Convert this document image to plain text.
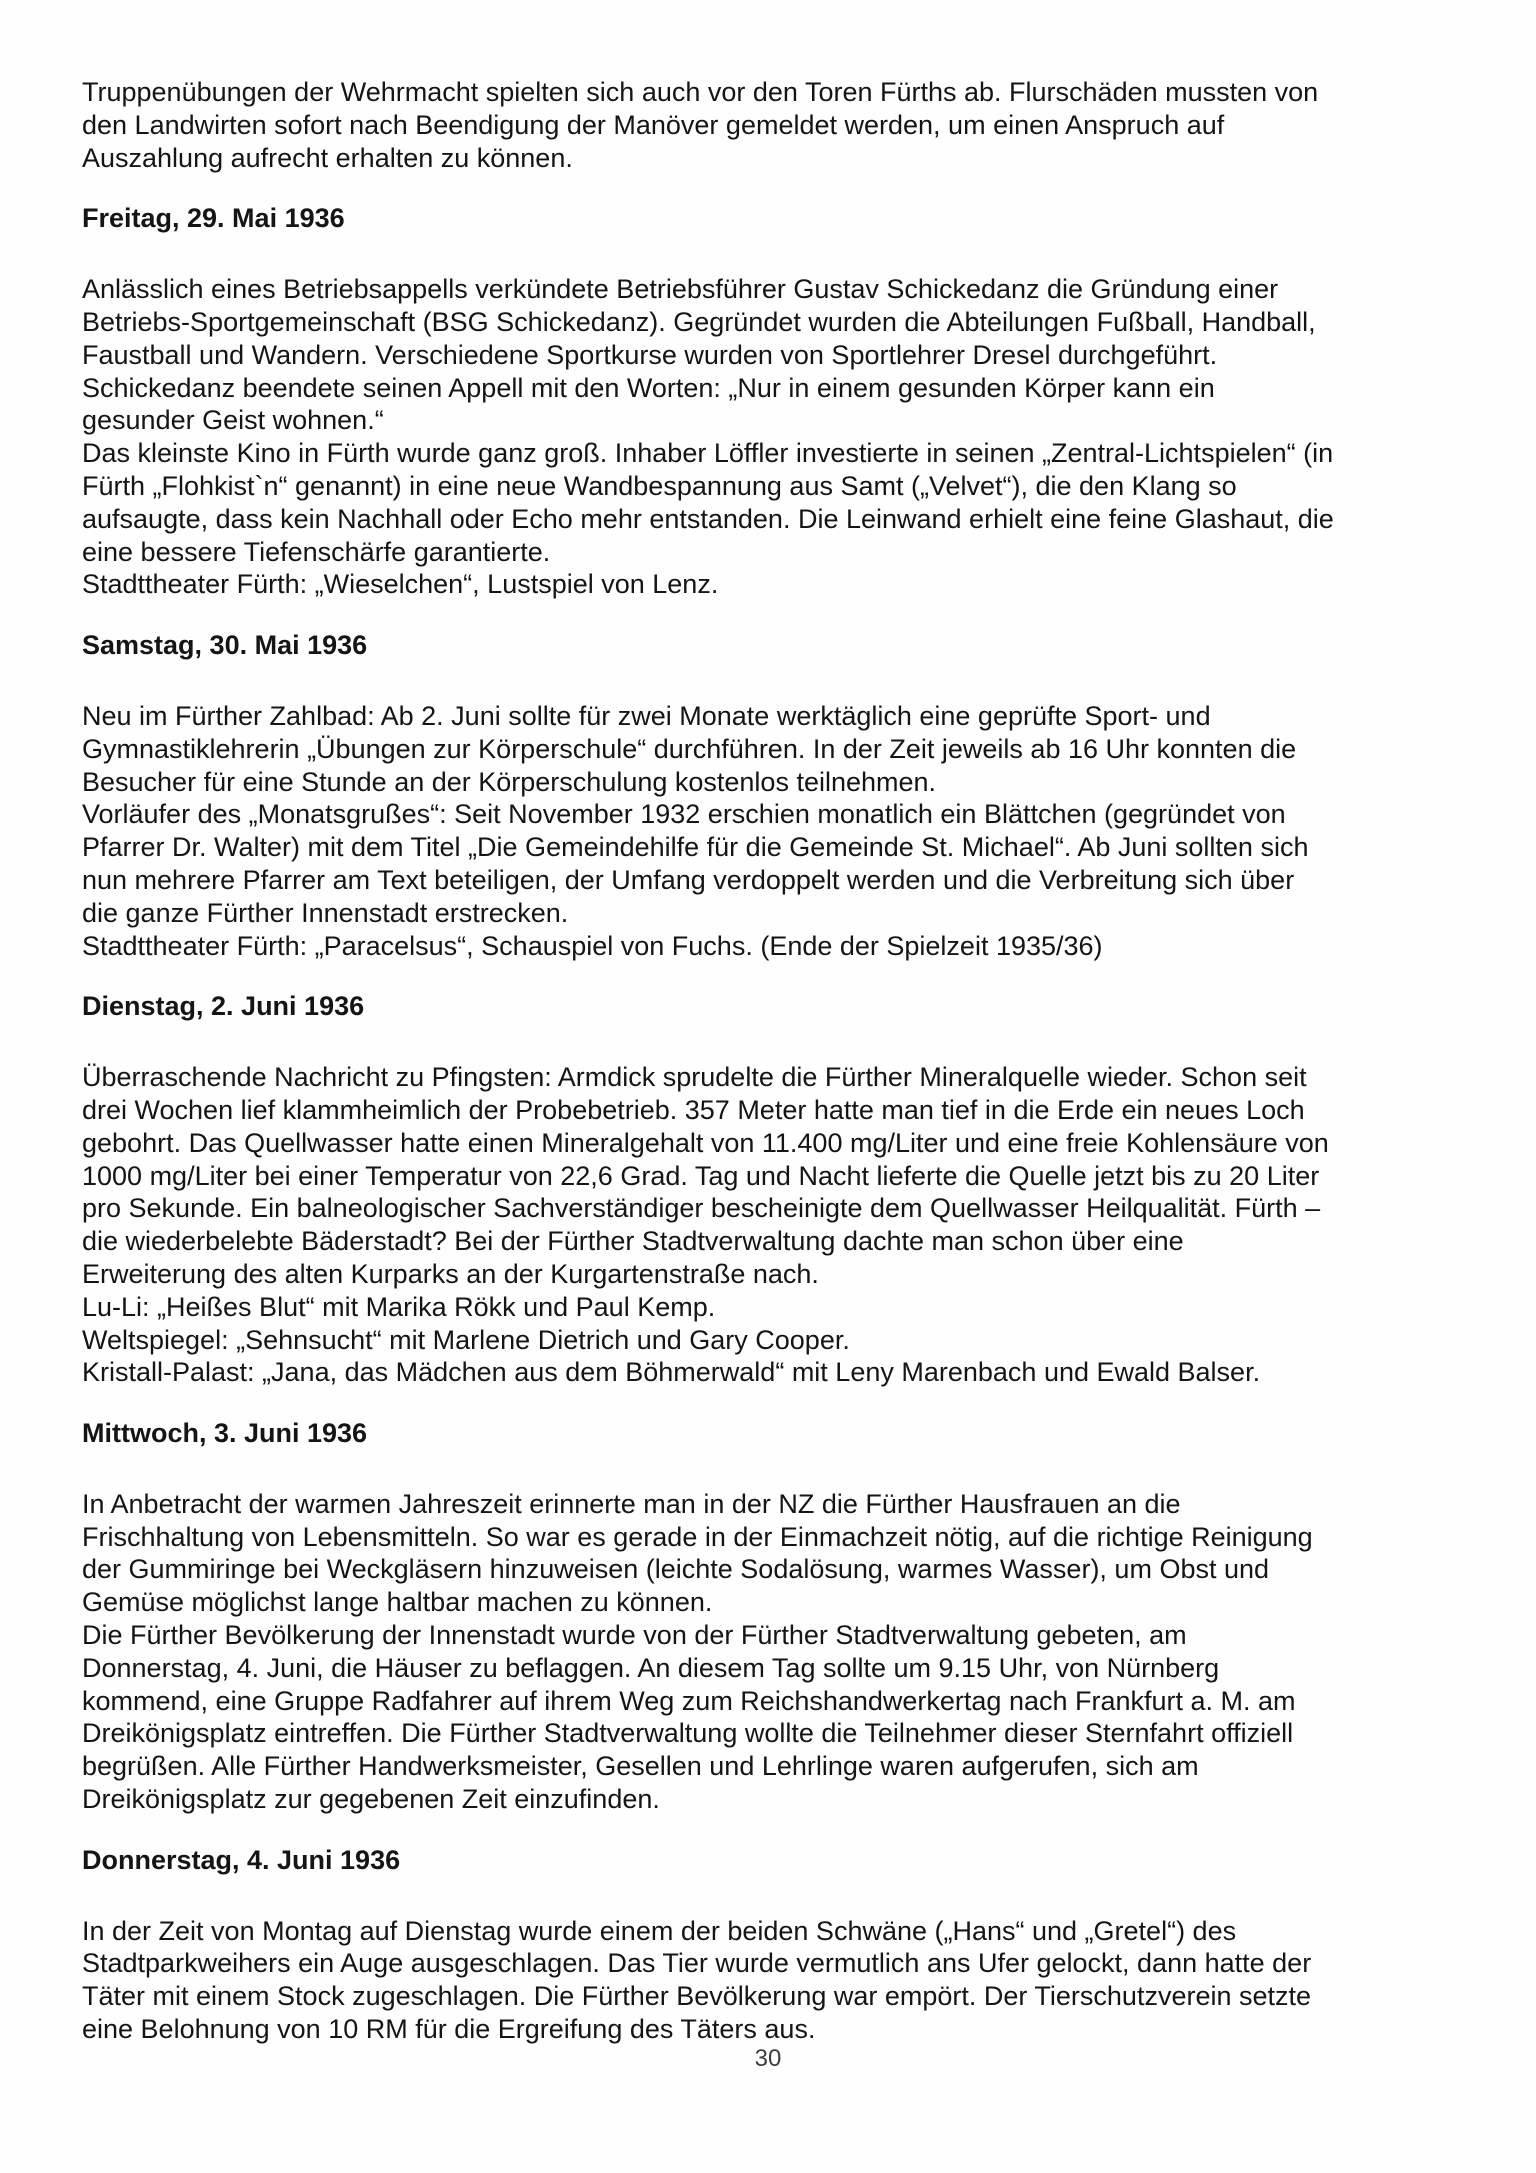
Truppenübungen der Wehrmacht spielten sich auch vor den Toren Fürths ab. Flurschäden mussten von
den Landwirten sofort nach Beendigung der Manöver gemeldet werden, um einen Anspruch auf
Auszahlung aufrecht erhalten zu können.
Freitag, 29. Mai 1936
Anlässlich eines Betriebsappells verkündete Betriebsführer Gustav Schickedanz die Gründung einer
Betriebs-Sportgemeinschaft (BSG Schickedanz). Gegründet wurden die Abteilungen Fußball, Handball,
Faustball und Wandern. Verschiedene Sportkurse wurden von Sportlehrer Dresel durchgeführt.
Schickedanz beendete seinen Appell mit den Worten: „Nur in einem gesunden Körper kann ein
gesunder Geist wohnen.“
Das kleinste Kino in Fürth wurde ganz groß. Inhaber Löffler investierte in seinen „Zentral-Lichtspielen“ (in
Fürth „Flohkist`n“ genannt) in eine neue Wandbespannung aus Samt („Velvet“), die den Klang so
aufsaugte, dass kein Nachhall oder Echo mehr entstanden. Die Leinwand erhielt eine feine Glashaut, die
eine bessere Tiefenschärfe garantierte.
Stadttheater Fürth: „Wieselchen“, Lustspiel von Lenz.
Samstag, 30. Mai 1936
Neu im Fürther Zahlbad: Ab 2. Juni sollte für zwei Monate werktäglich eine geprüfte Sport- und
Gymnastiklehrerin „Übungen zur Körperschule“ durchführen. In der Zeit jeweils ab 16 Uhr konnten die
Besucher für eine Stunde an der Körperschulung kostenlos teilnehmen.
Vorläufer des „Monatsgrußes“: Seit November 1932 erschien monatlich ein Blättchen (gegründet von
Pfarrer Dr. Walter) mit dem Titel „Die Gemeindehilfe für die Gemeinde St. Michael“. Ab Juni sollten sich
nun mehrere Pfarrer am Text beteiligen, der Umfang verdoppelt werden und die Verbreitung sich über
die ganze Fürther Innenstadt erstrecken.
Stadttheater Fürth: „Paracelsus“, Schauspiel von Fuchs. (Ende der Spielzeit 1935/36)
Dienstag, 2. Juni 1936
Überraschende Nachricht zu Pfingsten: Armdick sprudelte die Fürther Mineralquelle wieder. Schon seit
drei Wochen lief klammheimlich der Probebetrieb. 357 Meter hatte man tief in die Erde ein neues Loch
gebohrt. Das Quellwasser hatte einen Mineralgehalt von 11.400 mg/Liter und eine freie Kohlensäure von
1000 mg/Liter bei einer Temperatur von 22,6 Grad. Tag und Nacht lieferte die Quelle jetzt bis zu 20 Liter
pro Sekunde. Ein balneologischer Sachverständiger bescheinigte dem Quellwasser Heilqualität. Fürth –
die wiederbelebte Bäderstadt? Bei der Fürther Stadtverwaltung dachte man schon über eine
Erweiterung des alten Kurparks an der Kurgartenstraße nach.
Lu-Li: „Heißes Blut“ mit Marika Rökk und Paul Kemp.
Weltspiegel: „Sehnsucht“ mit Marlene Dietrich und Gary Cooper.
Kristall-Palast: „Jana, das Mädchen aus dem Böhmerwald“ mit Leny Marenbach und Ewald Balser.
Mittwoch, 3. Juni 1936
In Anbetracht der warmen Jahreszeit erinnerte man in der NZ die Fürther Hausfrauen an die
Frischhaltung von Lebensmitteln. So war es gerade in der Einmachzeit nötig, auf die richtige Reinigung
der Gummiringe bei Weckgläsern hinzuweisen (leichte Sodalösung, warmes Wasser), um Obst und
Gemüse möglichst lange haltbar machen zu können.
Die Fürther Bevölkerung der Innenstadt wurde von der Fürther Stadtverwaltung gebeten, am
Donnerstag, 4. Juni, die Häuser zu beflaggen. An diesem Tag sollte um 9.15 Uhr, von Nürnberg
kommend, eine Gruppe Radfahrer auf ihrem Weg zum Reichshandwerkertag nach Frankfurt a. M. am
Dreikönigsplatz eintreffen. Die Fürther Stadtverwaltung wollte die Teilnehmer dieser Sternfahrt offiziell
begrüßen. Alle Fürther Handwerksmeister, Gesellen und Lehrlinge waren aufgerufen, sich am
Dreikönigsplatz zur gegebenen Zeit einzufinden.
Donnerstag, 4. Juni 1936
In der Zeit von Montag auf Dienstag wurde einem der beiden Schwäne („Hans“ und „Gretel“) des
Stadtparkweihers ein Auge ausgeschlagen. Das Tier wurde vermutlich ans Ufer gelockt, dann hatte der
Täter mit einem Stock zugeschlagen. Die Fürther Bevölkerung war empört. Der Tierschutzverein setzte
eine Belohnung von 10 RM für die Ergreifung des Täters aus.
30
